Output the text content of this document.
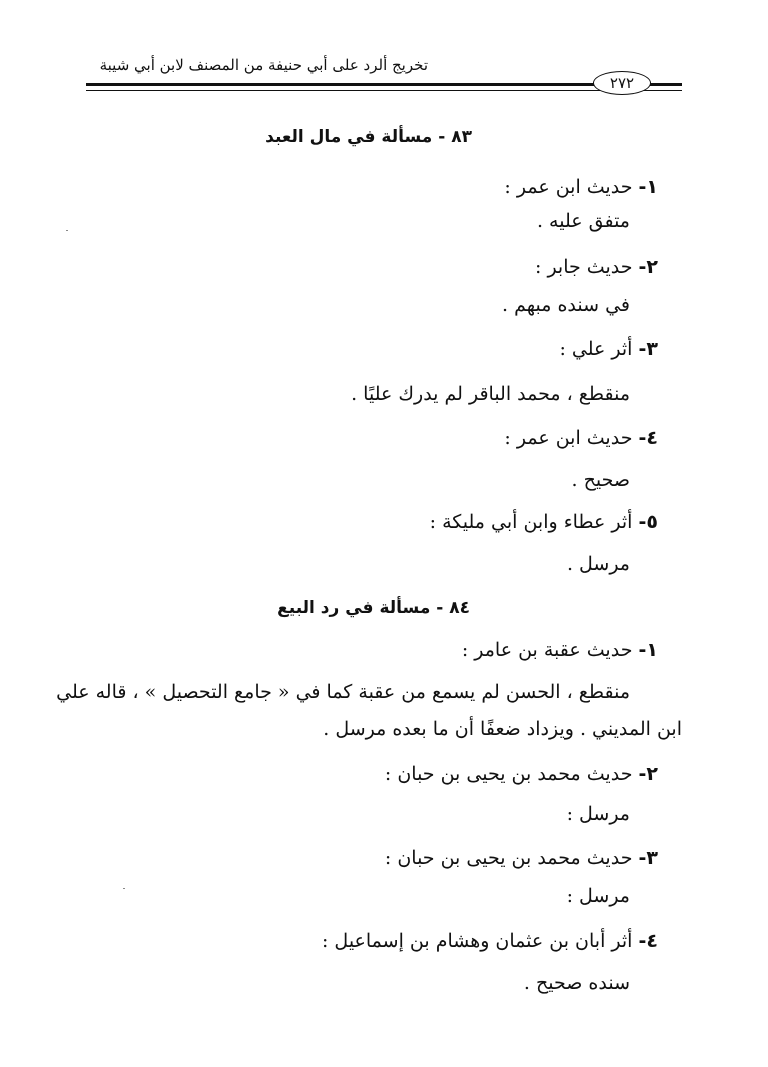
تخريج ألرد على أبي حنيفة من المصنف لابن أبي شيبة
٢٧٢
٨٣ - مسألة في مال العبد
١- حديث ابن عمر :
متفق عليه .
٢- حديث جابر :
في سنده مبهم .
٣- أثر علي :
منقطع ، محمد الباقر لم يدرك عليًا .
٤- حديث ابن عمر :
صحيح .
٥- أثر عطاء وابن أبي مليكة :
مرسل .
٨٤ - مسألة في رد البيع
١- حديث عقبة بن عامر :
منقطع ، الحسن لم يسمع من عقبة كما في « جامع التحصيل » ، قاله علي
ابن المديني . ويزداد ضعفًا أن ما بعده مرسل .
٢- حديث محمد بن يحيى بن حبان :
مرسل :
٣- حديث محمد بن يحيى بن حبان :
مرسل :
٤- أثر أبان بن عثمان وهشام بن إسماعيل :
سنده صحيح .
